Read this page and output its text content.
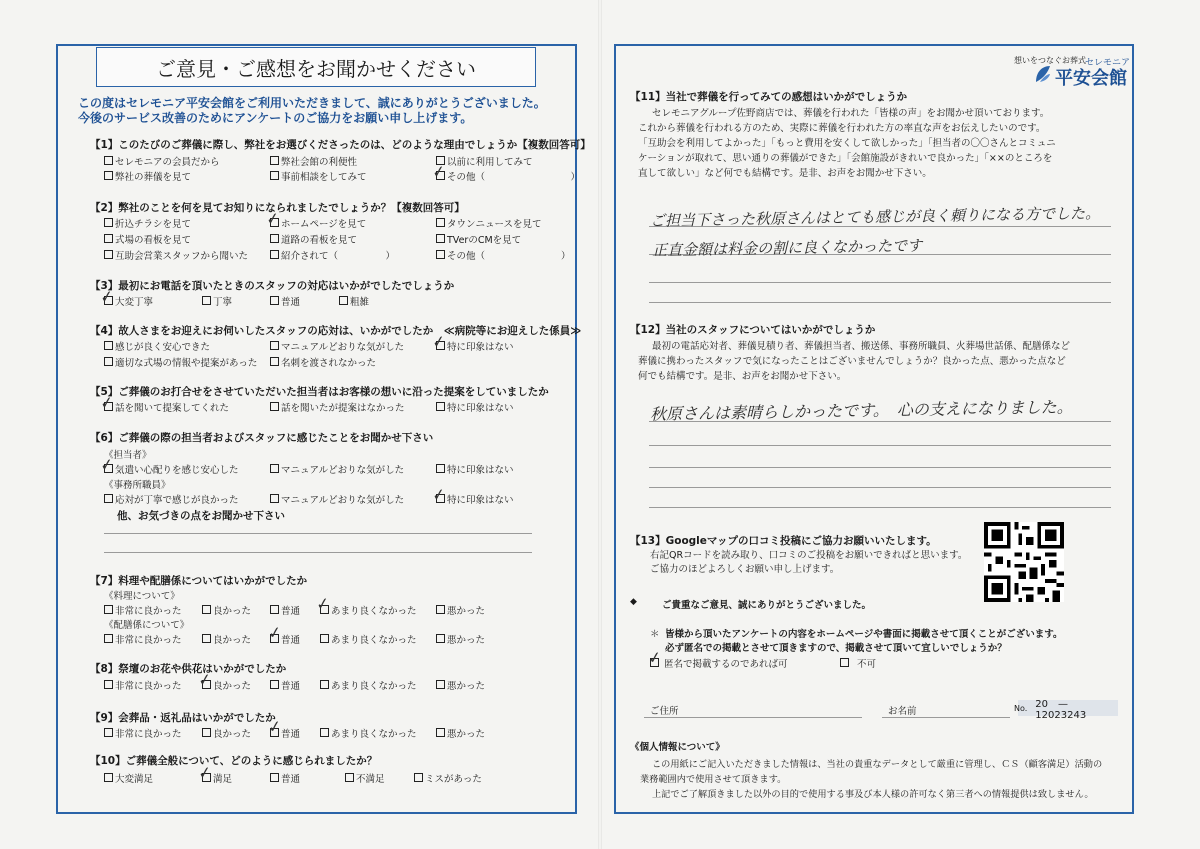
ご意見・ご感想をお聞かせください
この度はセレモニア平安会館をご利用いただきまして、誠にありがとうございました。
今後のサービス改善のためにアンケートのご協力をお願い申し上げます。
【1】このたびのご葬儀に際し、弊社をお選びくださったのは、どのような理由でしょうか【複数回答可】
セレモニアの会員だから	弊社会館の利便性	以前に利用してみて
弊社の葬儀を見て	事前相談をしてみて	その他（　　　　　　　　　）
✓
【2】弊社のことを何を見てお知りになられましたでしょうか？【複数回答可】
折込チラシを見て	ホームページを見て	タウンニュースを見て
式場の看板を見て	道路の看板を見て	TVerのCMを見て
互助会営業スタッフから聞いた	紹介されて（　　　　　）	その他（　　　　　　　　）
✓
【3】最初にお電話を頂いたときのスタッフの対応はいかがでしたでしょうか
大変丁寧	丁寧	普通	粗雑
✓
【4】故人さまをお迎えにお伺いしたスタッフの応対は、いかがでしたか　≪病院等にお迎えした係員≫
感じが良く安心できた	マニュアルどおりな気がした	特に印象はない
適切な式場の情報や提案があった	名刺を渡されなかった
✓
【5】ご葬儀のお打合せをさせていただいた担当者はお客様の想いに沿った提案をしていましたか
話を聞いて提案してくれた	話を聞いたが提案はなかった	特に印象はない
✓
【6】ご葬儀の際の担当者およびスタッフに感じたことをお聞かせ下さい
《担当者》
気遣い心配りを感じ安心した	マニュアルどおりな気がした	特に印象はない
✓
《事務所職員》
応対が丁寧で感じが良かった	マニュアルどおりな気がした	特に印象はない
✓
他、お気づきの点をお聞かせ下さい
【7】料理や配膳係についてはいかがでしたか
《料理について》
非常に良かった	良かった	普通	あまり良くなかった	悪かった
✓
《配膳係について》
非常に良かった	良かった	普通	あまり良くなかった	悪かった
✓
【8】祭壇のお花や供花はいかがでしたか
非常に良かった	良かった	普通	あまり良くなかった	悪かった
✓
【9】会葬品・返礼品はいかがでしたか
非常に良かった	良かった	普通	あまり良くなかった	悪かった
✓
【10】ご葬儀全般について、どのように感じられましたか？
大変満足	満足	普通	不満足	ミスがあった
✓
想いをつなぐお葬式 セレモニア
平安会館
【11】当社で葬儀を行ってみての感想はいかがでしょうか
セレモニアグループ佐野商店では、葬儀を行われた「皆様の声」をお聞かせ頂いております。
これから葬儀を行われる方のため、実際に葬儀を行われた方の率直な声をお伝えしたいのです。
「互助会を利用してよかった」「もっと費用を安くして欲しかった」「担当者の〇〇さんとコミュニ
ケーションが取れて、思い通りの葬儀ができた」「会館施設がきれいで良かった」「××のところを
直して欲しい」など何でも結構です。是非、お声をお聞かせ下さい。
ご担当下さった秋原さんはとても感じが良く頼りになる方でした。
正直金額は料金の割に良くなかったです
【12】当社のスタッフについてはいかがでしょうか
最初の電話応対者、葬儀見積り者、葬儀担当者、搬送係、事務所職員、火葬場世話係、配膳係など
葬儀に携わったスタッフで気になったことはございませんでしょうか？良かった点、悪かった点など
何でも結構です。是非、お声をお聞かせ下さい。
秋原さんは素晴らしかったです。　心の支えになりました。
【13】Googleマップの口コミ投稿にご協力お願いいたします。
右記QRコードを読み取り、口コミのご投稿をお願いできればと思います。
ご協力のほどよろしくお願い申し上げます。
◆	ご貴重なご意見、誠にありがとうございました。
＊ 皆様から頂いたアンケートの内容をホームページや書面に掲載させて頂くことがございます。
必ず匿名での掲載とさせて頂きますので、掲載させて頂いて宜しいでしょうか？
匿名で掲載するのであれば可	不可
✓
ご住所	お名前	No. 20　—　12023243
《個人情報について》
この用紙にご記入いただきました情報は、当社の貴重なデータとして厳重に管理し、ＣＳ（顧客満足）活動の
業務範囲内で使用させて頂きます。
上記でご了解頂きました以外の目的で使用する事及び本人様の許可なく第三者への情報提供は致しません。
